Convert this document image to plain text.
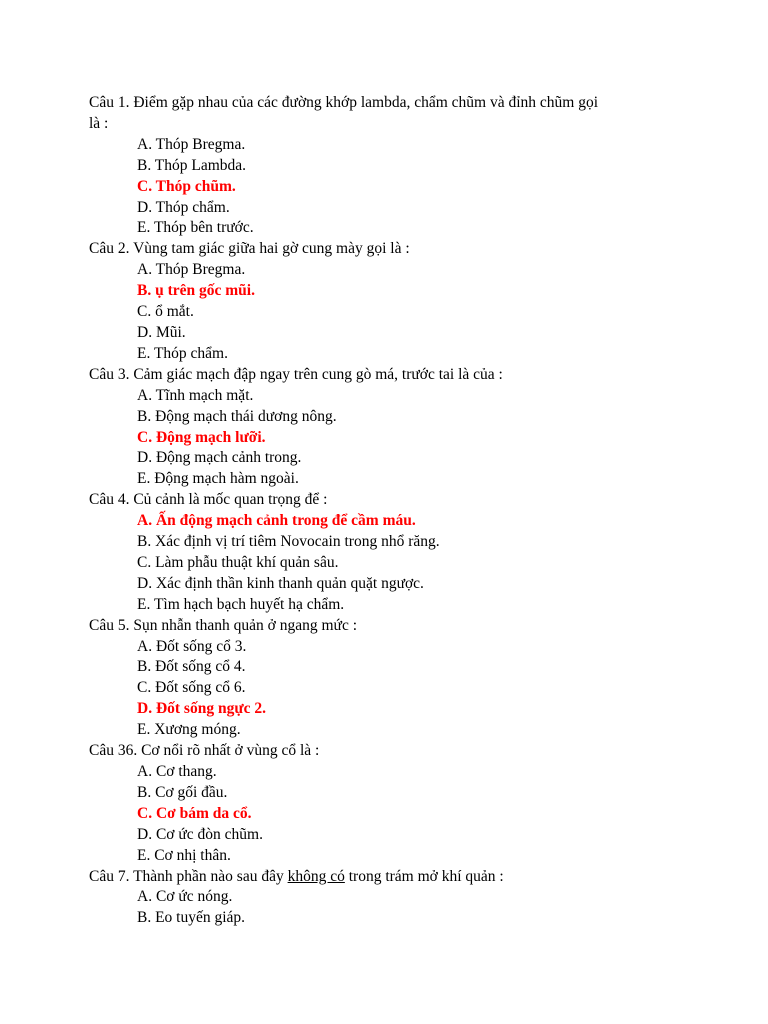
Câu 1. Điểm gặp nhau của các đường khớp lambda, chẩm chũm và đỉnh chũm gọi
là :
A. Thóp Bregma.
B. Thóp Lambda.
C. Thóp chũm.
D. Thóp chẩm.
E. Thóp bên trước.
Câu 2. Vùng tam giác giữa hai gờ cung mày gọi là :
A. Thóp Bregma.
B. ụ trên gốc mũi.
C. ổ mắt.
D. Mũi.
E. Thóp chẩm.
Câu 3. Cảm giác mạch đập ngay trên cung gò má, trước tai là của :
A. Tĩnh mạch mặt.
B. Động mạch thái dương nông.
C. Động mạch lưỡi.
D. Động mạch cảnh trong.
E. Động mạch hàm ngoài.
Câu 4. Củ cảnh là mốc quan trọng để :
A. Ấn động mạch cảnh trong để cầm máu.
B. Xác định vị trí tiêm Novocain trong nhổ răng.
C. Làm phẫu thuật khí quản sâu.
D. Xác định thần kinh thanh quản quặt ngược.
E. Tìm hạch bạch huyết hạ chẩm.
Câu 5. Sụn nhẫn thanh quản ở ngang mức :
A. Đốt sống cổ 3.
B. Đốt sống cổ 4.
C. Đốt sống cổ 6.
D. Đốt sống ngực 2.
E. Xương móng.
Câu 36. Cơ nổi rõ nhất ở vùng cổ là :
A. Cơ thang.
B. Cơ gối đầu.
C. Cơ bám da cổ.
D. Cơ ức đòn chũm.
E. Cơ nhị thân.
Câu 7. Thành phần nào sau đây không có trong trám mở khí quản :
A. Cơ ức nóng.
B. Eo tuyến giáp.
